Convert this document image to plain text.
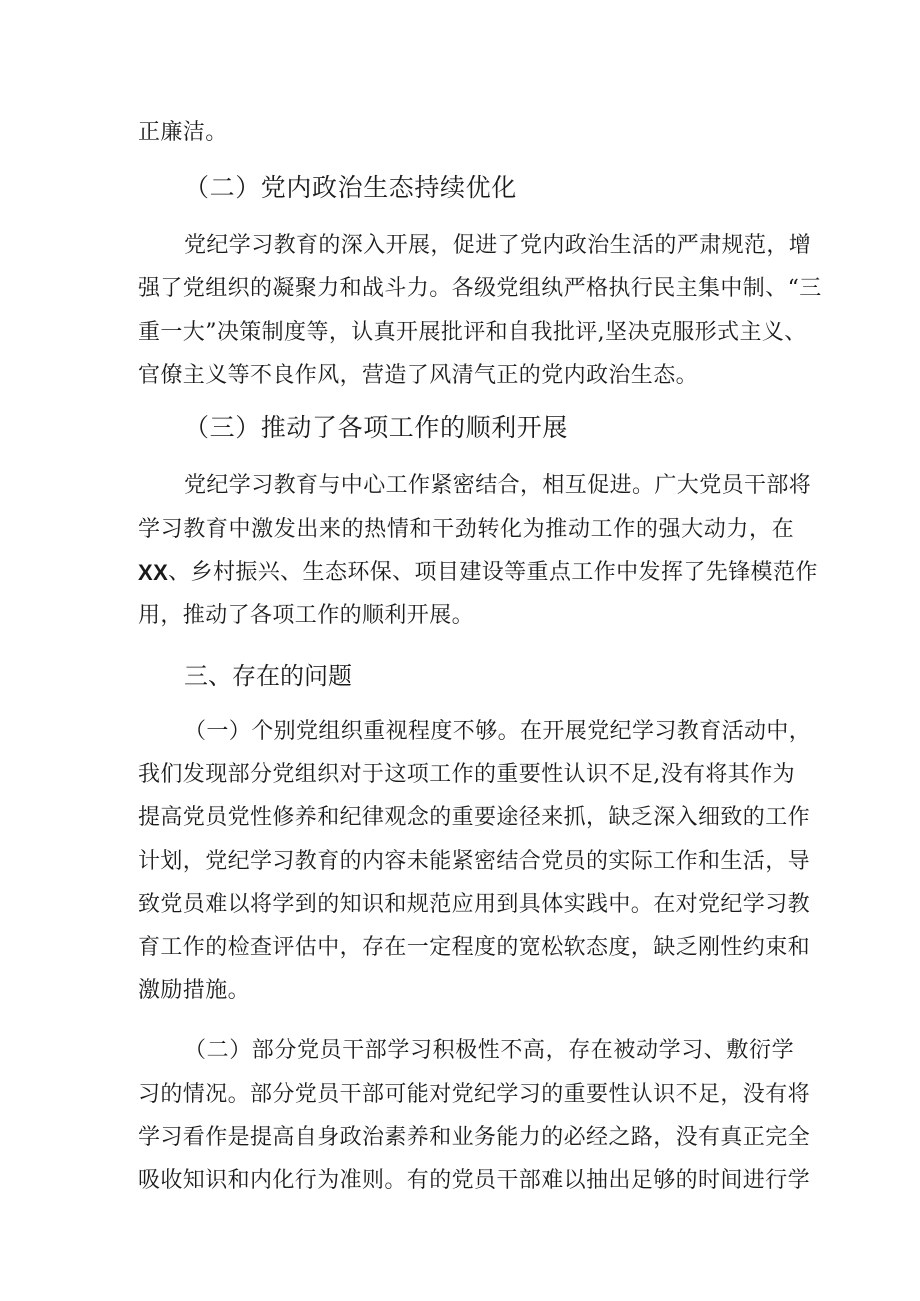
正廉洁。
（二）党内政治生态持续优化
党纪学习教育的深入开展，促进了党内政治生活的严肃规范，增
强了党组织的凝聚力和战斗力。各级党组纨严格执行民主集中制、“三
重一大”决策制度等，认真开展批评和自我批评,坚决克服形式主义、
官僚主义等不良作风，营造了风清气正的党内政治生态。
（三）推动了各项工作的顺利开展
党纪学习教育与中心工作紧密结合，相互促进。广大党员干部将
学习教育中激发出来的热情和干劲转化为推动工作的强大动力，在
XX 、乡村振兴、生态环保、项目建设等重点工作中发挥了先锋模范作
用，推动了各项工作的顺利开展。
三、存在的问题
（一）个别党组织重视程度不够。在开展党纪学习教育活动中，
我们发现部分党组织对于这项工作的重要性认识不足,没有将其作为
提高党员党性修养和纪律观念的重要途径来抓，缺乏深入细致的工作
计划，党纪学习教育的内容未能紧密结合党员的实际工作和生活，导
致党员难以将学到的知识和规范应用到具体实践中。在对党纪学习教
育工作的检查评估中，存在一定程度的宽松软态度，缺乏刚性约束和
激励措施。
（二）部分党员干部学习积极性不高，存在被动学习、敷衍学
习的情况。部分党员干部可能对党纪学习的重要性认识不足，没有将
学习看作是提高自身政治素养和业务能力的必经之路，没有真正完全
吸收知识和内化行为准则。有的党员干部难以抽出足够的时间进行学
